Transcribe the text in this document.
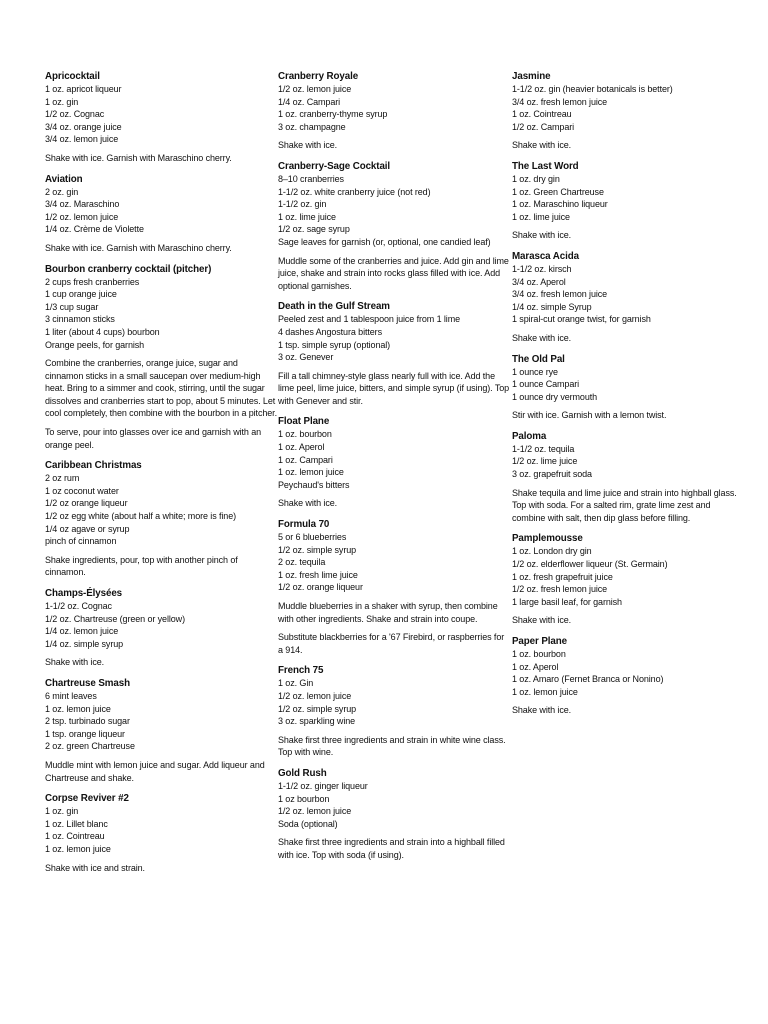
Apricocktail
1 oz. apricot liqueur
1 oz. gin
1/2 oz. Cognac
3/4 oz. orange juice
3/4 oz. lemon juice

Shake with ice. Garnish with Maraschino cherry.

Aviation
2 oz. gin
3/4 oz. Maraschino
1/2 oz. lemon juice
1/4 oz. Crème de Violette

Shake with ice. Garnish with Maraschino cherry.

Bourbon cranberry cocktail (pitcher)
2 cups fresh cranberries
1 cup orange juice
1/3 cup sugar
3 cinnamon sticks
1 liter (about 4 cups) bourbon
Orange peels, for garnish

Combine the cranberries, orange juice, sugar and cinnamon sticks in a small saucepan over medium-high heat. Bring to a simmer and cook, stirring, until the sugar dissolves and cranberries start to pop, about 5 minutes. Let cool completely, then combine with the bourbon in a pitcher.

To serve, pour into glasses over ice and garnish with an orange peel.

Caribbean Christmas
2 oz rum
1 oz coconut water
1/2 oz orange liqueur
1/2 oz egg white (about half a white; more is fine)
1/4 oz agave or syrup
pinch of cinnamon

Shake ingredients, pour, top with another pinch of cinnamon.

Champs-Élysées
1-1/2 oz. Cognac
1/2 oz. Chartreuse (green or yellow)
1/4 oz. lemon juice
1/4 oz. simple syrup

Shake with ice.

Chartreuse Smash
6 mint leaves
1 oz. lemon juice
2 tsp. turbinado sugar
1 tsp. orange liqueur
2 oz. green Chartreuse

Muddle mint with lemon juice and sugar. Add liqueur and Chartreuse and shake.

Corpse Reviver #2
1 oz. gin
1 oz. Lillet blanc
1 oz. Cointreau
1 oz. lemon juice

Shake with ice and strain.

Cranberry Royale
1/2 oz. lemon juice
1/4 oz. Campari
1 oz. cranberry-thyme syrup
3 oz. champagne

Shake with ice.

Cranberry-Sage Cocktail
8–10 cranberries
1-1/2 oz. white cranberry juice (not red)
1-1/2 oz. gin
1 oz. lime juice
1/2 oz. sage syrup
Sage leaves for garnish (or, optional, one candied leaf)

Muddle some of the cranberries and juice. Add gin and lime juice, shake and strain into rocks glass filled with ice. Add optional garnishes.

Death in the Gulf Stream
Peeled zest and 1 tablespoon juice from 1 lime
4 dashes Angostura bitters
1 tsp. simple syrup (optional)
3 oz. Genever

Fill a tall chimney-style glass nearly full with ice. Add the lime peel, lime juice, bitters, and simple syrup (if using). Top with Genever and stir.

Float Plane
1 oz. bourbon
1 oz. Aperol
1 oz. Campari
1 oz. lemon juice
Peychaud's bitters

Shake with ice.

Formula 70
5 or 6 blueberries
1/2 oz. simple syrup
2 oz. tequila
1 oz. fresh lime juice
1/2 oz. orange liqueur

Muddle blueberries in a shaker with syrup, then combine with other ingredients. Shake and strain into coupe.

Substitute blackberries for a '67 Firebird, or raspberries for a 914.

French 75
1 oz. Gin
1/2 oz. lemon juice
1/2 oz. simple syrup
3 oz. sparkling wine

Shake first three ingredients and strain in white wine class. Top with wine.

Gold Rush
1-1/2 oz. ginger liqueur
1 oz bourbon
1/2 oz. lemon juice
Soda (optional)

Shake first three ingredients and strain into a highball filled with ice. Top with soda (if using).

Jasmine
1-1/2 oz. gin (heavier botanicals is better)
3/4 oz. fresh lemon juice
1 oz. Cointreau
1/2 oz. Campari

Shake with ice.

The Last Word
1 oz. dry gin
1 oz. Green Chartreuse
1 oz. Maraschino liqueur
1 oz. lime juice

Shake with ice.

Marasca Acida
1-1/2 oz. kirsch
3/4 oz. Aperol
3/4 oz. fresh lemon juice
1/4 oz. simple Syrup
1 spiral-cut orange twist, for garnish

Shake with ice.

The Old Pal
1 ounce rye
1 ounce Campari
1 ounce dry vermouth

Stir with ice. Garnish with a lemon twist.

Paloma
1-1/2 oz. tequila
1/2 oz. lime juice
3 oz. grapefruit soda

Shake tequila and lime juice and strain into highball glass. Top with soda. For a salted rim, grate lime zest and combine with salt, then dip glass before filling.

Pamplemousse
1 oz. London dry gin
1/2 oz. elderflower liqueur (St. Germain)
1 oz. fresh grapefruit juice
1/2 oz. fresh lemon juice
1 large basil leaf, for garnish

Shake with ice.

Paper Plane
1 oz. bourbon
1 oz. Aperol
1 oz. Amaro (Fernet Branca or Nonino)
1 oz. lemon juice

Shake with ice.
